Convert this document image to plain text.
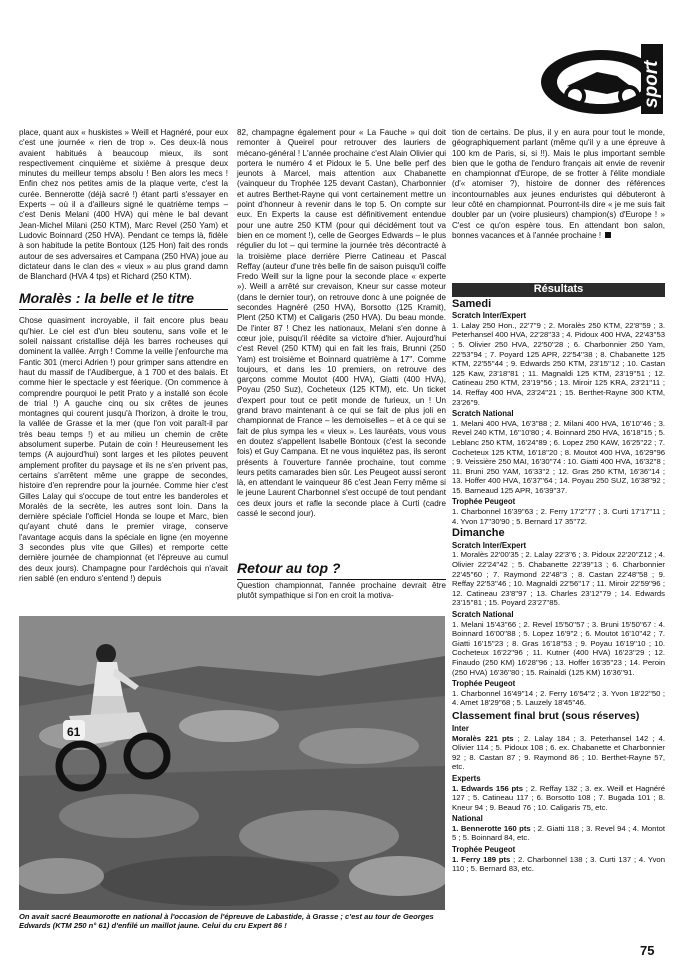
sport

place, quant aux « huskistes » Weill et Hagnéré, pour eux c'est une journée « rien de trop ». Ces deux-là nous avaient habitués à beaucoup mieux, ils sont respectivement cinquième et sixième à presque deux minutes du meilleur temps absolu ! Ben alors les mecs ! Enfin chez nos petites amis de la plaque verte, c'est la curée. Bennerotte (déjà sacré !) étant parti s'essayer en Experts – où il a d'ailleurs signé le quatrième temps – c'est Denis Melani (400 HVA) qui mène le bal devant Jean-Michel Milani (250 KTM), Marc Revel (250 Yam) et Ludovic Boinnard (250 HVA). Pendant ce temps là, fidèle à son habitude la petite Bontoux (125 Hon) fait des ronds autour de ses adversaires et Campana (250 HVA) joue au dictateur dans le clan des « vieux » au plus grand damn de Blanchard (HVA 4 tps) et Richard (250 KTM).

Moralès : la belle et le titre

Chose quasiment incroyable, il fait encore plus beau qu'hier. Le ciel est d'un bleu soutenu, sans voile et le soleil naissant cristallise déjà les barres rocheuses qui dominent la vallée. Arrgh ! Comme la veille j'enfourche ma Fantic 301 (merci Adrien !) pour grimper sans attendre en haut du massif de l'Audibergue, à 1 700 et des balais. Et comme hier le spectacle y est féerique. (On commence à comprendre pourquoi le petit Prato y a installé son école de trial !) A gauche cinq ou six crêtes de jeunes montagnes qui courent jusqu'à l'horizon, à droite le trou, la vallée de Grasse et la mer (que l'on voit paraît-il par très beau temps !) et au milieu un chemin de crête absolument superbe. Putain de coin ! Heureusement les temps (A aujourd'hui) sont larges et les pilotes peuvent amplement profiter du paysage et ils ne s'en privent pas, certains s'arrêtent même une grappe de secondes, histoire d'en reprendre pour la journée. Comme hier c'est Gilles Lalay qui s'occupe de tout entre les banderoles et Moralès de la secrète, les autres sont loin. Dans la dernière spéciale l'officiel Honda se loupe et Marc, bien qu'ayant chuté dans le premier virage, conserve l'avantage acquis dans la spéciale en ligne (en moyenne 3 secondes plus vite que Gilles) et remporte cette dernière journée de championnat (et l'épreuve au cumul des deux jours). Champagne pour l'ardéchois qui n'avait rien sablé (en enduro s'entend !) depuis

82, champagne également pour « La Fauche » qui doit remonter à Queirel pour retrouver des lauriers de mécano-général ! L'année prochaine c'est Alain Olivier qui portera le numéro 4 et Pidoux le 5. Une belle perf des jeunots à Marcel, mais attention aux Chabanette (vainqueur du Trophée 125 devant Castan), Charbonnier et autres Berthet-Rayne qui vont certainement mettre un point d'honneur à revenir dans le top 5. On compte sur eux. En Experts la cause est définitivement entendue pour une autre 250 KTM (pour qui décidément tout va bien en ce moment !), celle de Georges Edwards – le plus régulier du lot – qui termine la journée très décontracté à la troisième place derrière Pierre Catineau et Pascal Reffay (auteur d'une très belle fin de saison puisqu'il coiffe Fredo Weill sur la ligne pour la seconde place « experte »). Weill a arrêté sur crevaison, Kneur sur casse moteur (dans le dernier tour), on retrouve donc à une poignée de secondes Hagnéré (250 HVA), Borsotto (125 Kramit), Plent (250 KTM) et Caligaris (250 HVA). Du beau monde. De l'inter 87 ! Chez les nationaux, Melani s'en donne à cœur joie, puisqu'il réédite sa victoire d'hier. Aujourd'hui c'est Revel (250 KTM) qui en fait les frais, Brunni (250 Yam) est troisième et Boinnard quatrième à 17''. Comme toujours, et dans les 10 premiers, on retrouve des garçons comme Moutot (400 HVA), Giatti (400 HVA), Poyau (250 Suz), Cocheteux (125 KTM), etc. Un ticket d'expert pour tout ce petit monde de furieux, un ! Un grand bravo maintenant à ce qui se fait de plus joli en championnat de France – les demoiselles – et à ce qui se fait de plus sympa les « vieux ». Les lauréats, vous vous en doutez s'appellent Isabelle Bontoux (c'est la seconde fois) et Guy Campana. Et ne vous inquiétez pas, ils seront présents à l'ouverture l'année prochaine, tout comme leurs petits camarades bien sûr. Les Peugeot aussi seront là, en attendant le vainqueur 86 c'est Jean Ferry même si le jeune Laurent Charbonnel s'est occupé de tout pendant ces deux jours et rafle la seconde place à Curti (cadre cassé le second jour).

Retour au top ?

Question championnat, l'année prochaine devrait être plutôt sympathique si l'on en croit la motiva-

tion de certains. De plus, il y en aura pour tout le monde, géographiquement parlant (même qu'il y a une épreuve à 100 km de Paris, si, si !!). Mais le plus important semble bien que le gotha de l'enduro français ait envie de revenir en championnat d'Europe, de se frotter à l'élite mondiale (d'« atomiser ?), histoire de donner des références incontournables aux jeunes enduristes qui débuteront à leur côté en championnat. Pourront-ils dire « je me suis fait doubler par un (voire plusieurs) champion(s) d'Europe ! » C'est ce qu'on espère tous. En attendant bon salon, bonnes vacances et à l'année prochaine !

Résultats
Samedi
Scratch Inter/Expert
1. Lalay 250 Hon., 22'7''9 ; 2. Moralès 250 KTM, 22'8''59 ; 3. Peterhansel 400 HVA, 22'28''33 ; 4. Pidoux 400 HVA, 22'43''53 ; 5. Olivier 250 HVA, 22'50''28 ; 6. Charbonnier 250 Yam, 22'53''94 ; 7. Poyard 125 APR, 22'54''38 ; 8. Chabanette 125 KTM, 22'55''44 ; 9. Edwards 250 KTM, 23'15''12 ; 10. Castan 125 Kaw, 23'18''81 ; 11. Magnaldi 125 KTM, 23'19''51 ; 12. Catineau 250 KTM, 23'19''56 ; 13. Miroir 125 KRA, 23'21''11 ; 14. Reffay 400 HVA, 23'24''21 ; 15. Berthet-Rayne 300 KTM, 23'26''9.
Scratch National
1. Melani 400 HVA, 16'3''88 ; 2. Milani 400 HVA, 16'10''46 ; 3. Revel 240 KTM, 16''10'80 ; 4. Boinnard 250 HVA, 16'18''15 ; 5. Leblanc 250 KTM, 16'24''89 ; 6. Lopez 250 KAW, 16'25''22 ; 7. Cocheteux 125 KTM, 16'18''20 ; 8. Moutot 400 HVA, 16'29''96 ; 9. Veissière 250 MAI, 16'30''74 : 10. Giatti 400 HVA, 16'32''8 ; 11. Bruni 250 YAM, 16'33''2 ; 12. Gras 250 KTM, 16'36''14 ; 13. Hoffer 400 HVA, 16'37''64 ; 14. Poyau 250 SUZ, 16'38''92 ; 15. Barneaud 125 APR, 16'39''37.
Trophée Peugeot
1. Charbonnel 16'39''63 ; 2. Ferry 17'2''77 ; 3. Curti 17'17''11 ; 4. Yvon 17''30'90 ; 5. Bernard 17 35''72.
Dimanche
Scratch Inter/Expert
1. Moralès 22'00'35 ; 2. Lalay 22'3''6 ; 3. Pidoux 22'20''Z12 ; 4. Olivier 22'24''42 ; 5. Chabanette 22'39''13 ; 6. Charbonnier 22'45''60 ; 7. Raymond 22'48''3 ; 8. Castan 22'48''58 ; 9. Reffay 22'53''46 ; 10. Magnaldi 22'56''17 ; 11. Miroir 22'59''96 ; 12. Catineau 23'8''97 ; 13. Charles 23'12''79 ; 14. Edwards 23'15''81 ; 15. Poyard 23'27''85.
Scratch National
1. Melani 15'43''66 ; 2. Revel 15'50''57 ; 3. Bruni 15'50''67 : 4. Boinnard 16'00''88 ; 5. Lopez 16'9''2 ; 6. Moutot 16'10''42 ; 7. Giatti 16'15''23 ; 8. Gras 16'18''53 ; 9. Poyau 16'19''10 ; 10. Cocheteux 16'22''96 ; 11. Kutner (400 HVA) 16'23''29 ; 12. Finaudo (250 KM) 16'28''96 ; 13. Hoffer 16'35''23 ; 14. Peroin (250 HVA) 16'36''80 ; 15. Rainaldi (125 KM) 16'36''91.
Trophée Peugeot
1. Charbonnel 16'49''14 ; 2. Ferry 16'54''2 ; 3. Yvon 18'22''50 ; 4. Amet 18'29''68 ; 5. Lauzely 18'45''46.
Classement final brut (sous réserves)
Inter
Moralès 221 pts ; 2. Lalay 184 ; 3. Peterhansel 142 ; 4. Olivier 114 ; 5. Pidoux 108 ; 6. ex. Chabanette et Charbonnier 92 ; 8. Castan 87 ; 9. Raymond 86 ; 10. Berthet-Rayne 57, etc.
Experts
1. Edwards 156 pts ; 2. Reffay 132 ; 3. ex. Weill et Hagnéré 127 ; 5. Catineau 117 ; 6. Borsotto 108 ; 7. Bugada 101 ; 8. Kneur 94 ; 9. Beaud 76 ; 10. Caligaris 75, etc.
National
1. Bennerotte 160 pts ; 2. Giatti 118 ; 3. Revel 94 ; 4. Montot 5 ; 5. Boinnard 84, etc.
Trophée Peugeot
1. Ferry 189 pts ; 2. Charbonnel 138 ; 3. Curti 137 ; 4. Yvon 110 ; 5. Bernard 83, etc.
61
On avait sacré Beaumorotte en national à l'occasion de l'épreuve de Labastide, à Grasse ; c'est au tour de Georges Edwards (KTM 250 n° 61) d'enfilé un maillot jaune. Celui du cru Expert 86 !
75
